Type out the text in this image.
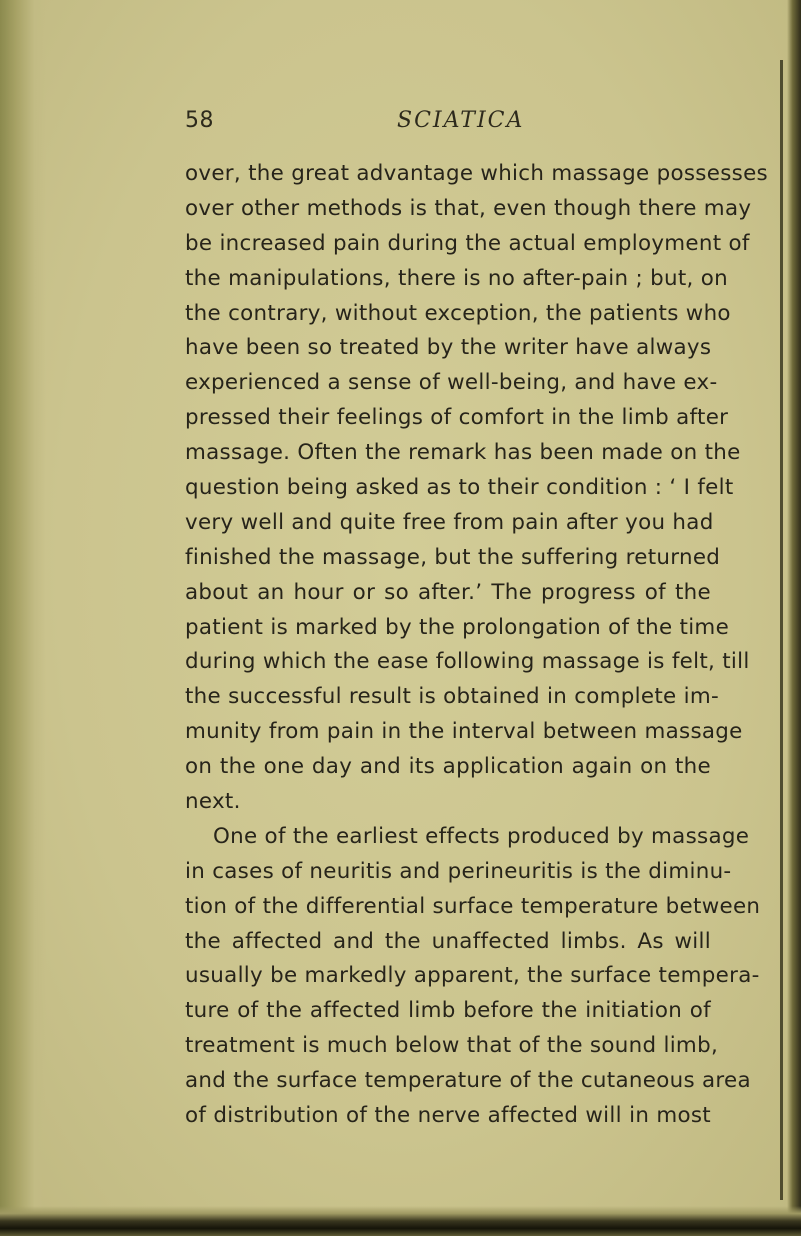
58	SCIATICA
over, the great advantage which massage possesses
over other methods is that, even though there may
be increased pain during the actual employment of
the manipulations, there is no after-pain ; but, on
the contrary, without exception, the patients who
have been so treated by the writer have always
experienced a sense of well-being, and have ex-
pressed their feelings of comfort in the limb after
massage. Often the remark has been made on the
question being asked as to their condition : ‘ I felt
very well and quite free from pain after you had
finished the massage, but the suffering returned
about an hour or so after.’ The progress of the
patient is marked by the prolongation of the time
during which the ease following massage is felt, till
the successful result is obtained in complete im-
munity from pain in the interval between massage
on the one day and its application again on the
next.
One of the earliest effects produced by massage
in cases of neuritis and perineuritis is the diminu-
tion of the differential surface temperature between
the affected and the unaffected limbs. As will
usually be markedly apparent, the surface tempera-
ture of the affected limb before the initiation of
treatment is much below that of the sound limb,
and the surface temperature of the cutaneous area
of distribution of the nerve affected will in most
